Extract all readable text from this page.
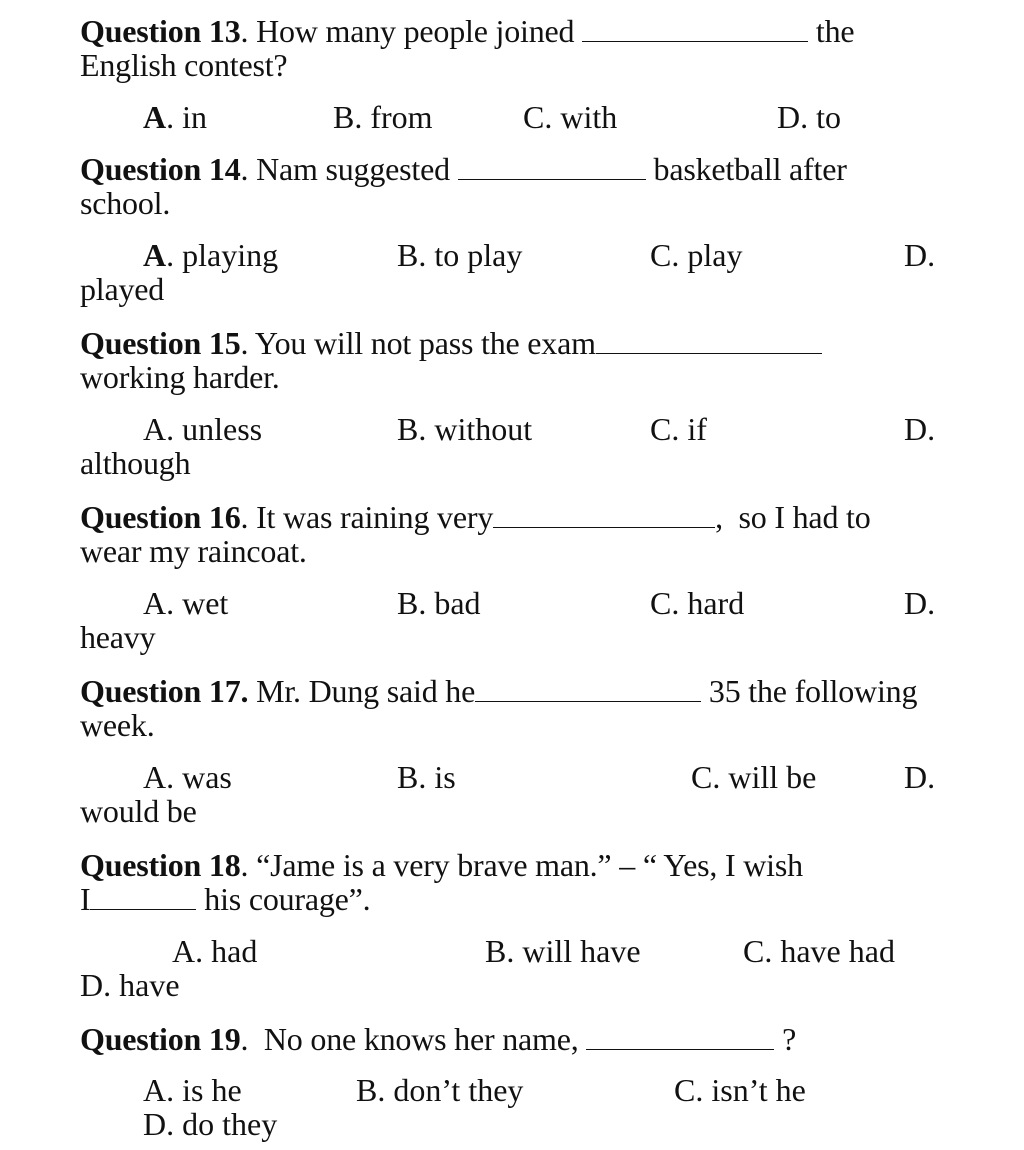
Question 13. How many people joined	the
English contest?
A. in	B. from	C. with	D. to
Question 14. Nam suggested	basketball after
school.
A. playing	B. to play	C. play	D.
played
Question 15. You will not pass the exam
working harder.
A. unless	B. without	C. if	D.
although
Question 16. It was raining very	,  so I had to
wear my raincoat.
A. wet	B. bad	C. hard	D.
heavy
Question 17. Mr. Dung said he	35 the following
week.
A. was	B. is	C. will be	D.
would be
Question 18. “Jame is a very brave man.” – “ Yes, I wish
I	his courage”.
A. had	B. will have	C. have had
D. have
Question 19.  No one knows her name,	?
A. is he	B. don’t they	C. isn’t he
D. do they
